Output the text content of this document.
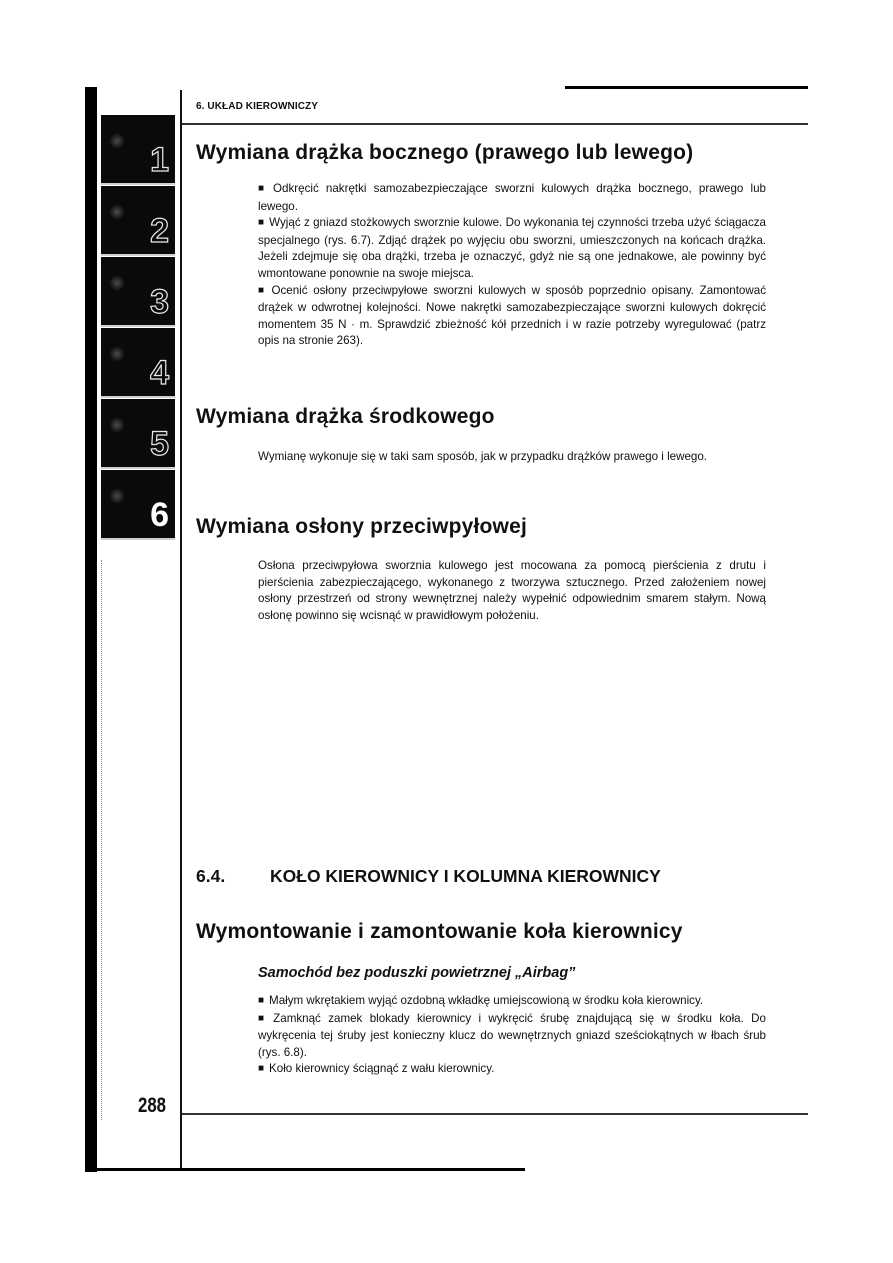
6. UKŁAD KIEROWNICZY
1
2
3
4
5
6
Wymiana drążka bocznego (prawego lub lewego)

■ Odkręcić nakrętki samozabezpieczające sworzni kulowych drążka bocznego, prawego lub lewego.

■ Wyjąć z gniazd stożkowych sworznie kulowe. Do wykonania tej czynności trzeba użyć ściągacza specjalnego (rys. 6.7). Zdjąć drążek po wyjęciu obu sworzni, umieszczonych na końcach drążka. Jeżeli zdejmuje się oba drążki, trzeba je oznaczyć, gdyż nie są one jednakowe, ale powinny być wmontowane ponownie na swoje miejsca.

■ Ocenić osłony przeciwpyłowe sworzni kulowych w sposób poprzednio opisany. Zamontować drążek w odwrotnej kolejności. Nowe nakrętki samozabezpieczające sworzni kulowych dokręcić momentem 35 N · m. Sprawdzić zbieżność kół przednich i w razie potrzeby wyregulować (patrz opis na stronie 263).

Wymiana drążka środkowego

Wymianę wykonuje się w taki sam sposób, jak w przypadku drążków prawego i lewego.

Wymiana osłony przeciwpyłowej

Osłona przeciwpyłowa sworznia kulowego jest mocowana za pomocą pierścienia z drutu i pierścienia zabezpieczającego, wykonanego z tworzywa sztucznego. Przed założeniem nowej osłony przestrzeń od strony wewnętrznej należy wypełnić odpowiednim smarem stałym. Nową osłonę powinno się wcisnąć w prawidłowym położeniu.

6.4.	KOŁO KIEROWNICY I KOLUMNA KIEROWNICY
Wymontowanie i zamontowanie koła kierownicy
Samochód bez poduszki powietrznej „Airbag”

■ Małym wkrętakiem wyjąć ozdobną wkładkę umiejscowioną w środku koła kierownicy.

■ Zamknąć zamek blokady kierownicy i wykręcić śrubę znajdującą się w środku koła. Do wykręcenia tej śruby jest konieczny klucz do wewnętrznych gniazd sześciokątnych w łbach śrub (rys. 6.8).

■ Koło kierownicy ściągnąć z wału kierownicy.

288
